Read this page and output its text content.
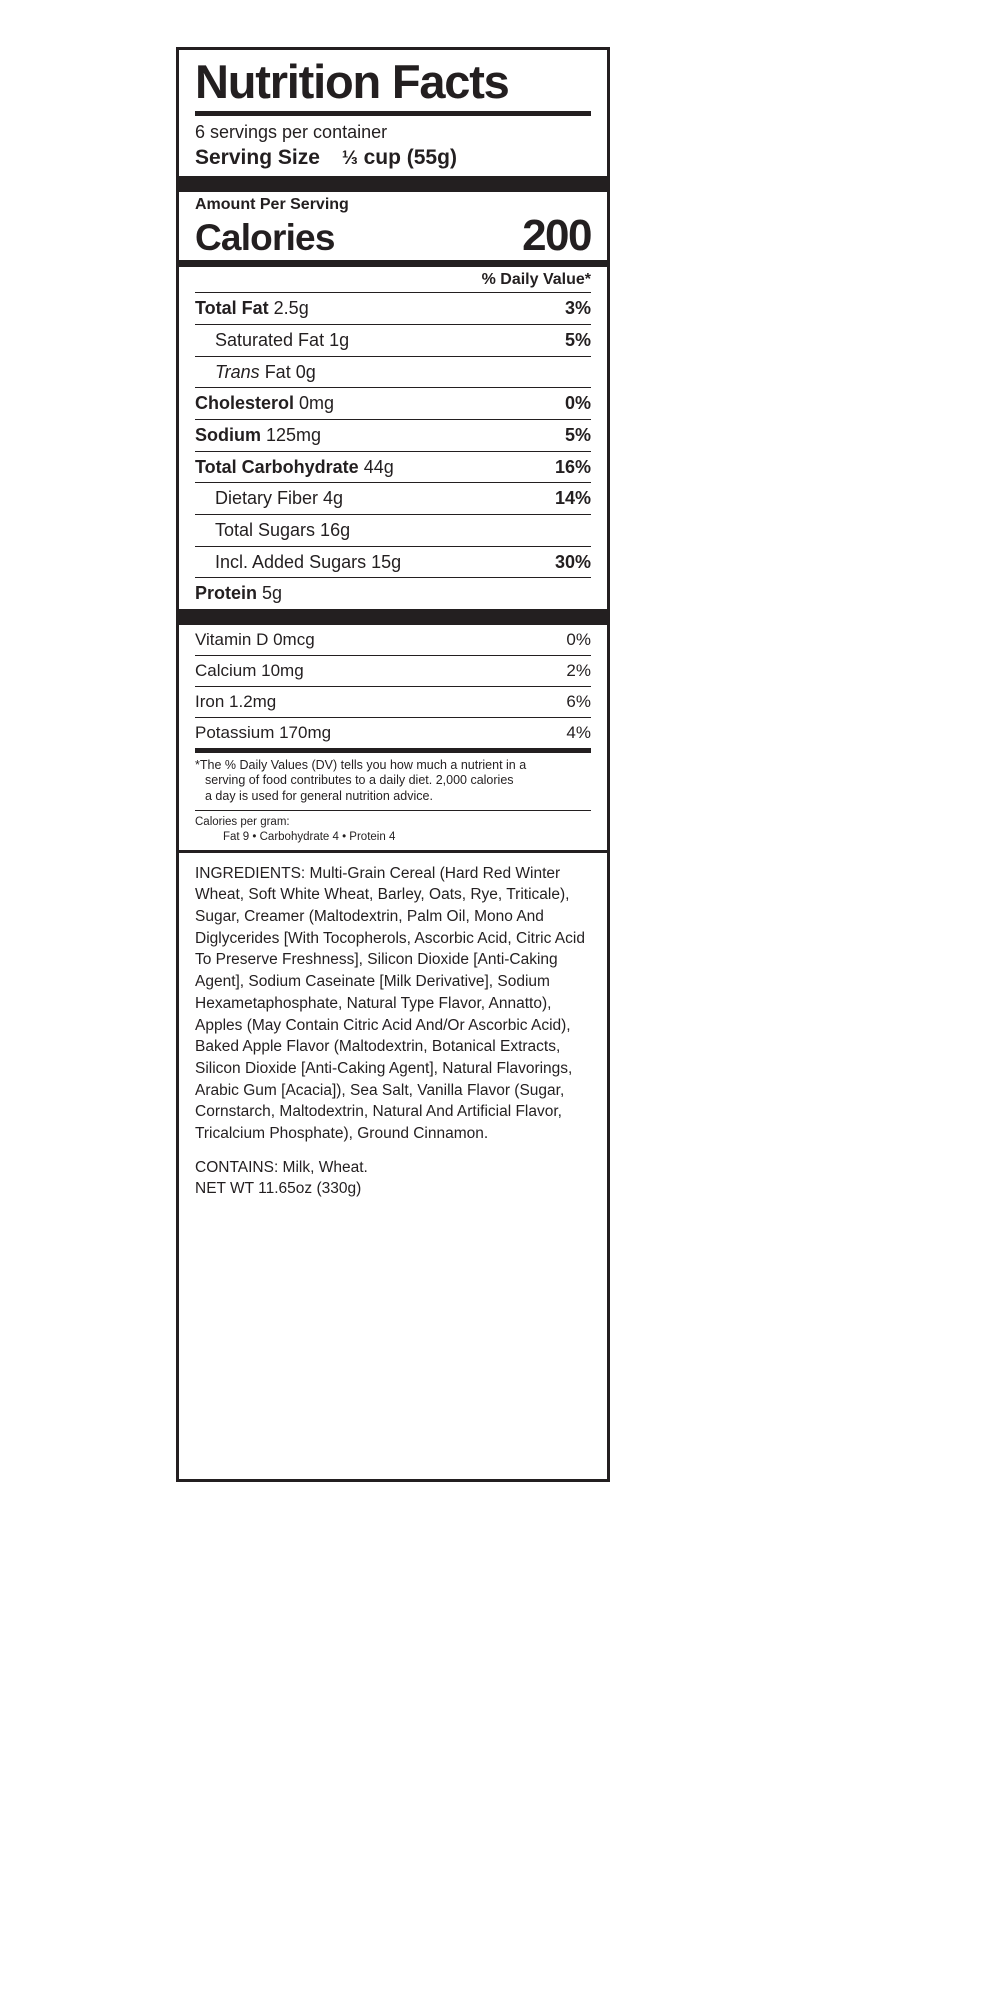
Nutrition Facts
6 servings per container
Serving Size ⅓ cup (55g)
Amount Per Serving
Calories	200
% Daily Value*
Total Fat 2.5g	3%
Saturated Fat 1g	5%
Trans Fat 0g
Cholesterol 0mg	0%
Sodium 125mg	5%
Total Carbohydrate 44g	16%
Dietary Fiber 4g	14%
Total Sugars 16g
Incl. Added Sugars 15g	30%
Protein 5g
Vitamin D 0mcg	0%
Calcium 10mg	2%
Iron 1.2mg	6%
Potassium 170mg	4%
*The % Daily Values (DV) tells you how much a nutrient in a
serving of food contributes to a daily diet. 2,000 calories
a day is used for general nutrition advice.
Calories per gram:
Fat 9 • Carbohydrate 4 • Protein 4

INGREDIENTS: Multi-Grain Cereal (Hard Red Winter Wheat, Soft White Wheat, Barley, Oats, Rye, Triticale), Sugar, Creamer (Maltodextrin, Palm Oil, Mono And Diglycerides [With Tocopherols, Ascorbic Acid, Citric Acid To Preserve Freshness], Silicon Dioxide [Anti-Caking Agent], Sodium Caseinate [Milk Derivative], Sodium Hexametaphosphate, Natural Type Flavor, Annatto), Apples (May Contain Citric Acid And/Or Ascorbic Acid), Baked Apple Flavor (Maltodextrin, Botanical Extracts, Silicon Dioxide [Anti-Caking Agent], Natural Flavorings, Arabic Gum [Acacia]), Sea Salt, Vanilla Flavor (Sugar, Cornstarch, Maltodextrin, Natural And Artificial Flavor, Tricalcium Phosphate), Ground Cinnamon.

CONTAINS: Milk, Wheat.

NET WT 11.65oz (330g)
